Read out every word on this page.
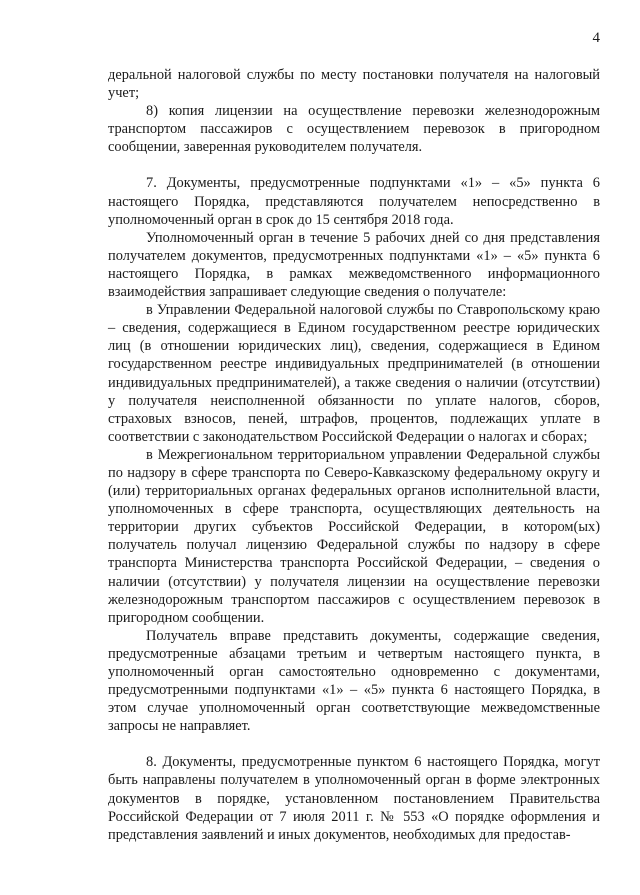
4

деральной налоговой службы по месту постановки получателя на налоговый учет;

8) копия лицензии на осуществление перевозки железнодорожным транспортом пассажиров с осуществлением перевозок в пригородном сообщении, заверенная руководителем получателя.

7. Документы, предусмотренные подпунктами «1» – «5» пункта 6 настоящего Порядка, представляются получателем непосредственно в уполномоченный орган в срок до 15 сентября 2018 года.

Уполномоченный орган в течение 5 рабочих дней со дня представления получателем документов, предусмотренных подпунктами «1» – «5» пункта 6 настоящего Порядка, в рамках межведомственного информационного взаимодействия запрашивает следующие сведения о получателе:

в Управлении Федеральной налоговой службы по Ставропольскому краю – сведения, содержащиеся в Едином государственном реестре юридических лиц (в отношении юридических лиц), сведения, содержащиеся в Едином государственном реестре индивидуальных предпринимателей (в отношении индивидуальных предпринимателей), а также сведения о наличии (отсутствии) у получателя неисполненной обязанности по уплате налогов, сборов, страховых взносов, пеней, штрафов, процентов, подлежащих уплате в соответствии с законодательством Российской Федерации о налогах и сборах;

в Межрегиональном территориальном управлении Федеральной службы по надзору в сфере транспорта по Северо-Кавказскому федеральному округу и (или) территориальных органах федеральных органов исполнительной власти, уполномоченных в сфере транспорта, осуществляющих деятельность на территории других субъектов Российской Федерации, в котором(ых) получатель получал лицензию Федеральной службы по надзору в сфере транспорта Министерства транспорта Российской Федерации, – сведения о наличии (отсутствии) у получателя лицензии на осуществление перевозки железнодорожным транспортом пассажиров с осуществлением перевозок в пригородном сообщении.

Получатель вправе представить документы, содержащие сведения, предусмотренные абзацами третьим и четвертым настоящего пункта, в уполномоченный орган самостоятельно одновременно с документами, предусмотренными подпунктами «1» – «5» пункта 6 настоящего Порядка, в этом случае уполномоченный орган соответствующие межведомственные запросы не направляет.

8. Документы, предусмотренные пунктом 6 настоящего Порядка, могут быть направлены получателем в уполномоченный орган в форме электронных документов в порядке, установленном постановлением Правительства Российской Федерации от 7 июля 2011 г. № 553 «О порядке оформления и представления заявлений и иных документов, необходимых для предостав-
